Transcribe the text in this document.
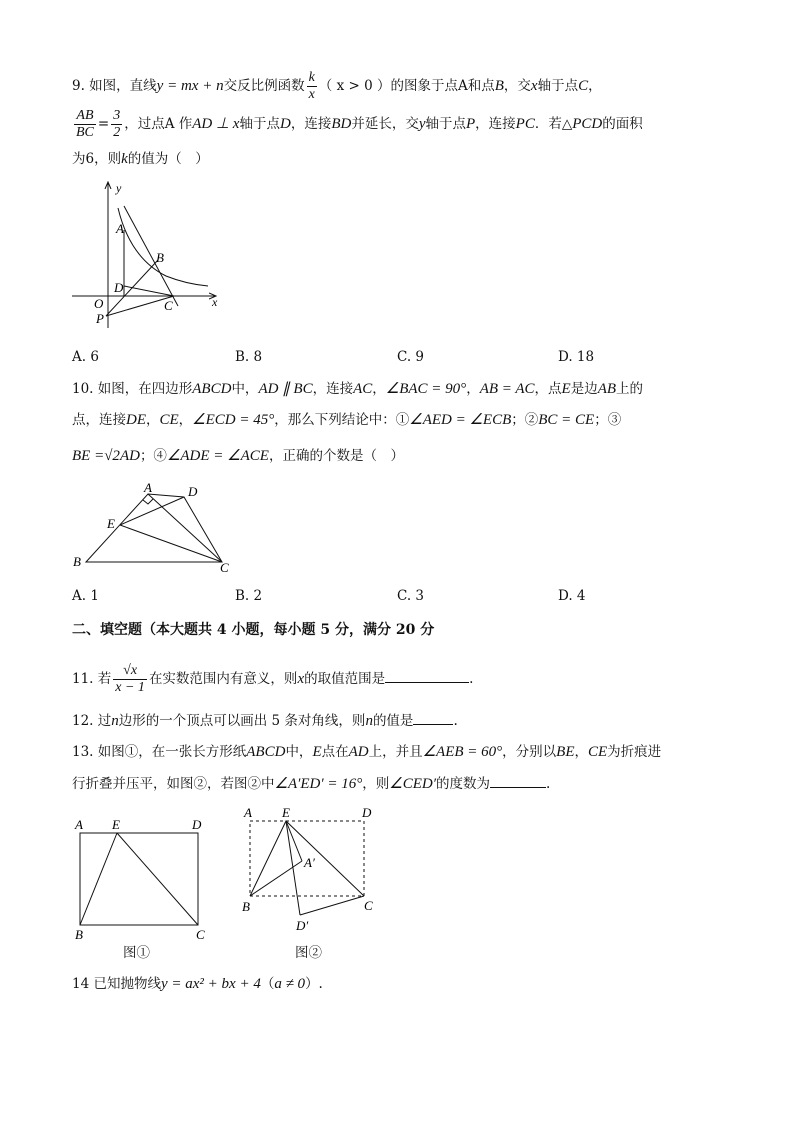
9. 如图，直线y = mx + n交反比例函数 $\frac{k}{x}$ （ x > 0 ）的图象于点A和点B，交x轴于点C，
$\frac{AB}{BC} = \frac{3}{2}$ ，过点A 作AD ⊥ x轴于点D，连接BD并延长，交y轴于点P，连接PC．若△PCD的面积
为6，则k的值为（　）
y
x
O
A
B
C
D
P
A. 6	B. 8	C. 9	D. 18
10. 如图，在四边形ABCD中，AD ∥ BC，连接AC，∠BAC = 90°，AB = AC，点E是边AB上的
点，连接DE，CE，∠ECD = 45°，那么下列结论中：①∠AED = ∠ECB；②BC = CE；③
BE =√2AD；④∠ADE = ∠ACE，正确的个数是（　）
A	D
E
B	C
A. 1	B. 2	C. 3	D. 4
二、填空题（本大题共 4 小题，每小题 5 分，满分 20 分
11. 若 $\frac{√x}{x - 1}$ 在实数范围内有意义，则x的取值范围是	.
12. 过n边形的一个顶点可以画出 5 条对角线，则n的值是	.
13. 如图①，在一张长方形纸ABCD中，E点在AD上，并且∠AEB = 60°，分别以BE，CE为折痕进
行折叠并压平，如图②，若图②中∠A′ED′ = 16°，则∠CED′的度数为	.
A E	D
B	C
图①
A E	D
A′
B	C
D′
图②
14 已知抛物线y = ax² + bx + 4（a ≠ 0）.
